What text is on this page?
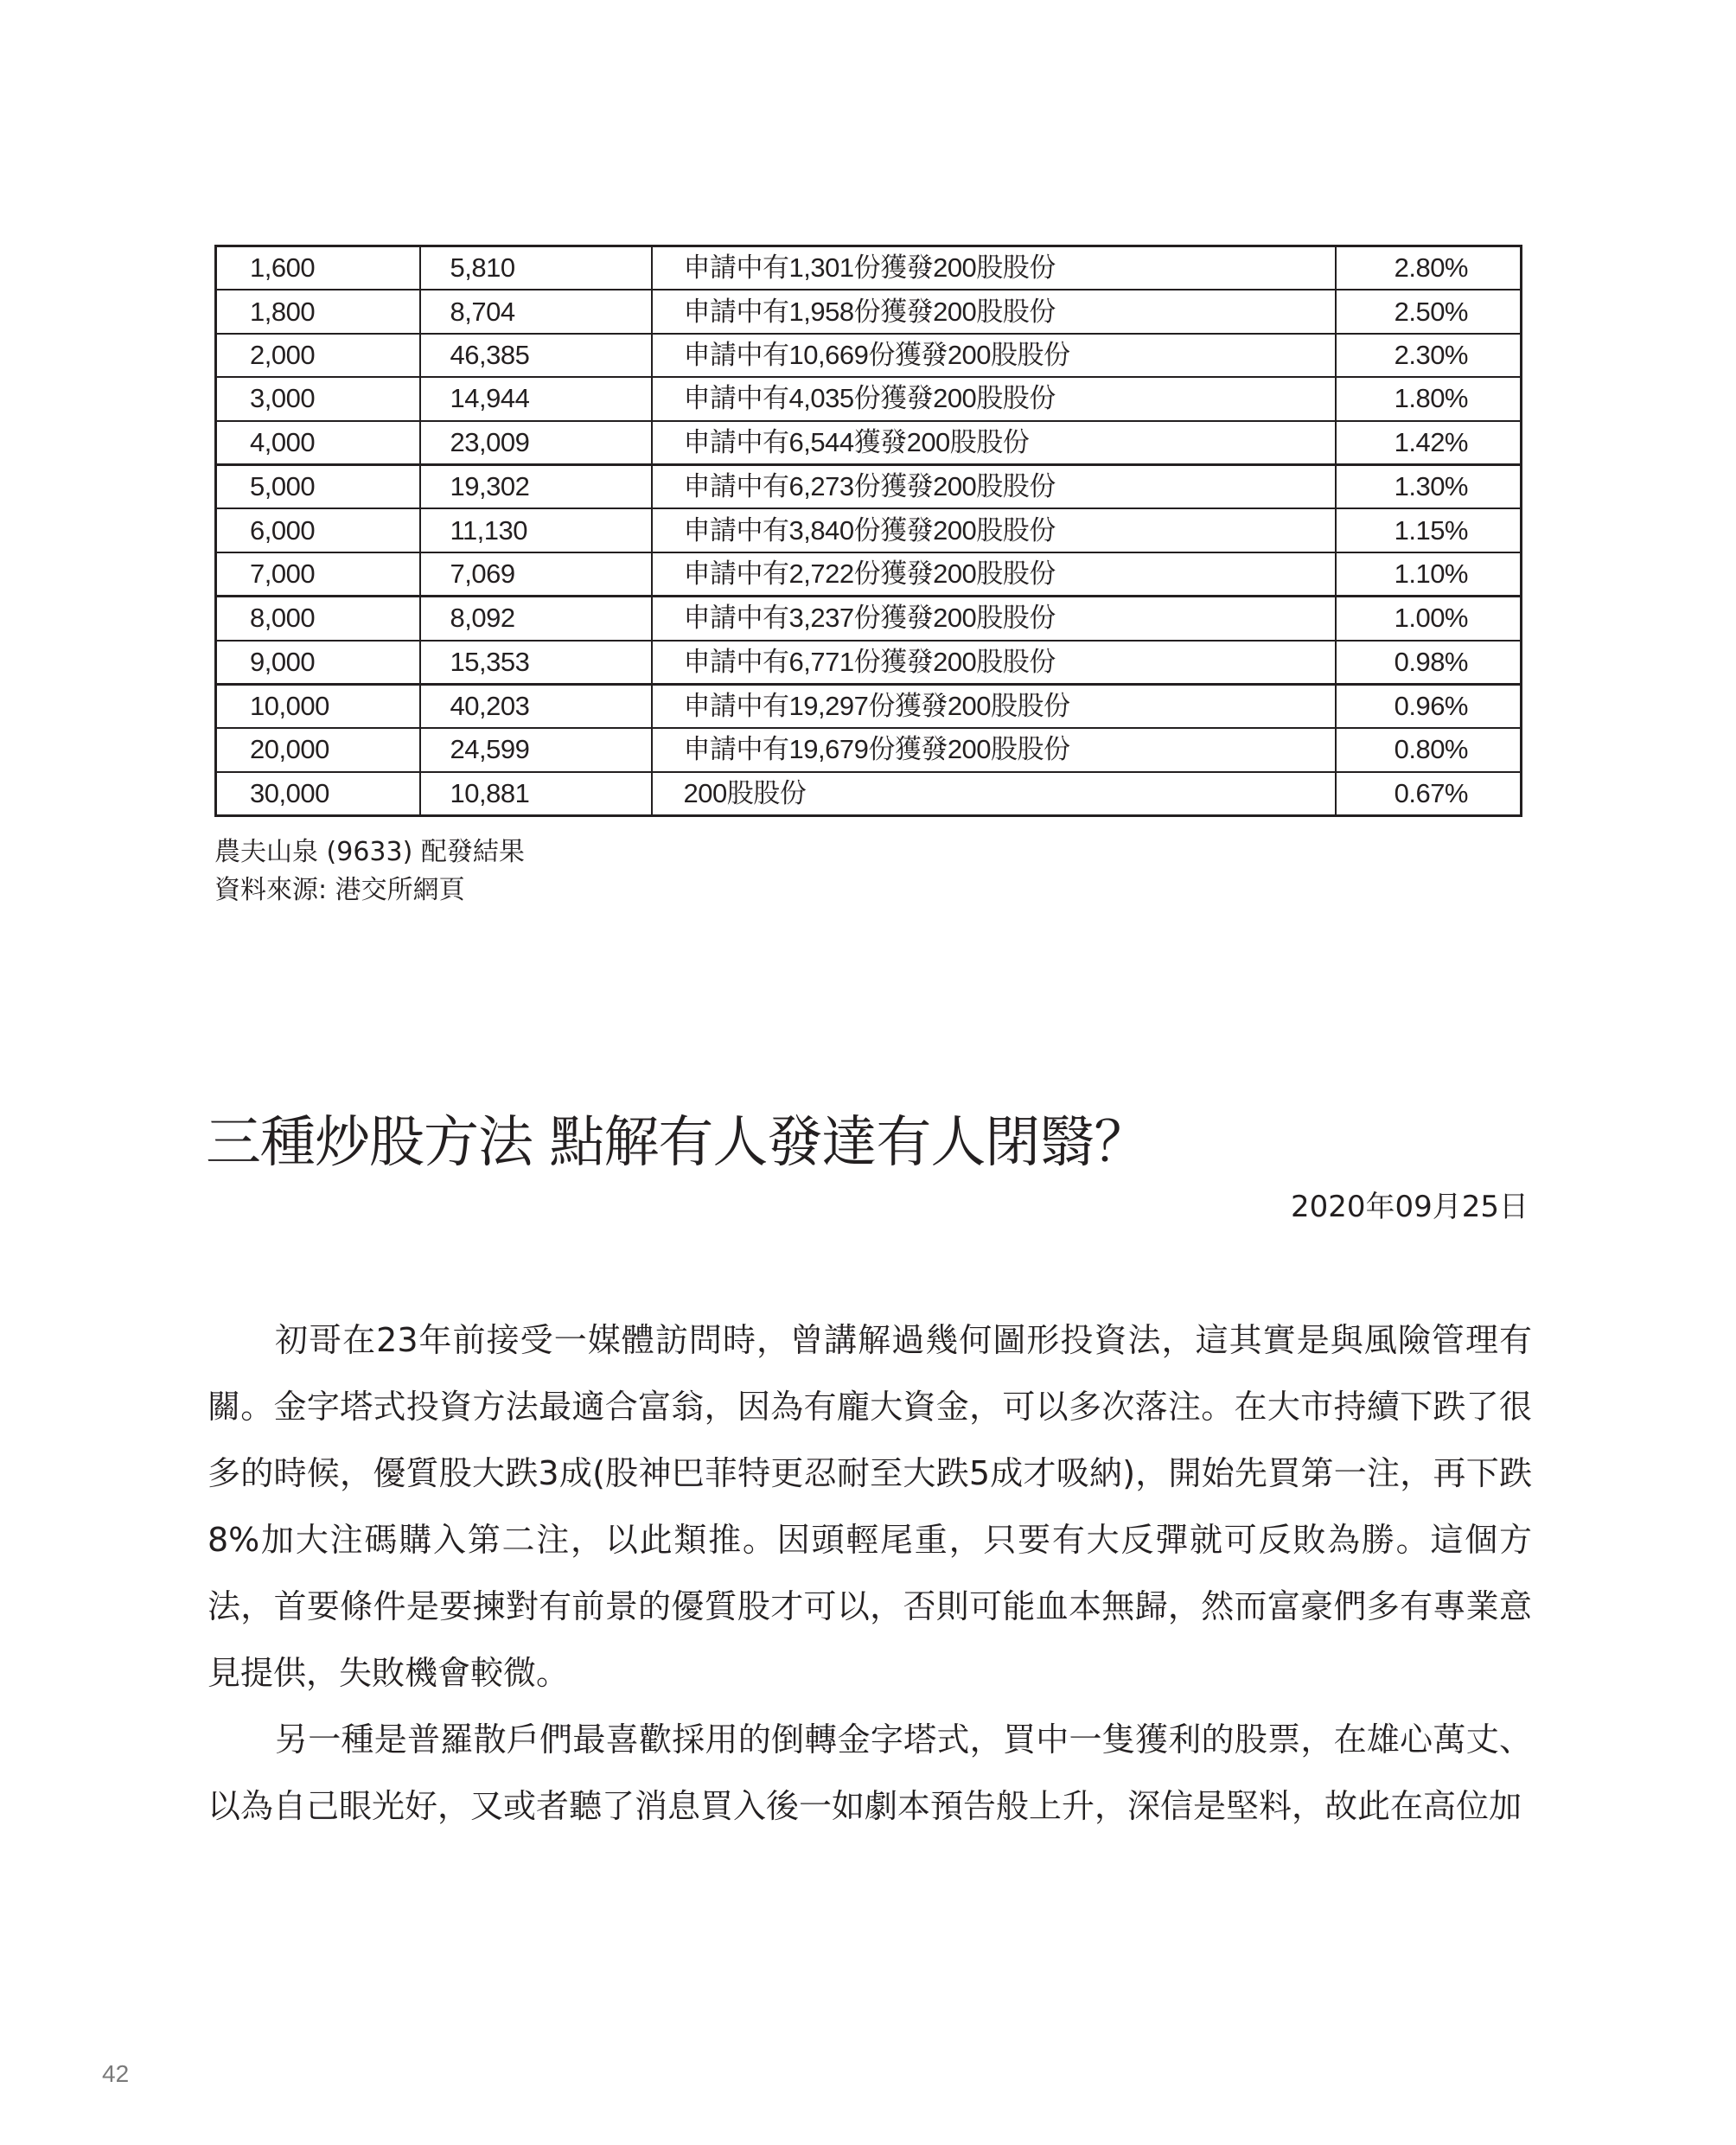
1,600	5,810	申請中有1,301份獲發200股股份	2.80%
1,800	8,704	申請中有1,958份獲發200股股份	2.50%
2,000	46,385	申請中有10,669份獲發200股股份	2.30%
3,000	14,944	申請中有4,035份獲發200股股份	1.80%
4,000	23,009	申請中有6,544獲發200股股份	1.42%
5,000	19,302	申請中有6,273份獲發200股股份	1.30%
6,000	11,130	申請中有3,840份獲發200股股份	1.15%
7,000	7,069	申請中有2,722份獲發200股股份	1.10%
8,000	8,092	申請中有3,237份獲發200股股份	1.00%
9,000	15,353	申請中有6,771份獲發200股股份	0.98%
10,000	40,203	申請中有19,297份獲發200股股份	0.96%
20,000	24,599	申請中有19,679份獲發200股股份	0.80%
30,000	10,881	200股股份	0.67%
農夫山泉 (9633) 配發結果
資料來源: 港交所網頁
三種炒股方法 點解有人發達有人閉翳？
2020年09月25日

初哥在23年前接受一媒體訪問時，曾講解過幾何圖形投資法，這其實是與風險管理有關。金字塔式投資方法最適合富翁，因為有龐大資金，可以多次落注。在大市持續下跌了很多的時候，優質股大跌3成(股神巴菲特更忍耐至大跌5成才吸納)，開始先買第一注，再下跌8%加大注碼購入第二注，以此類推。因頭輕尾重，只要有大反彈就可反敗為勝。這個方法，首要條件是要揀對有前景的優質股才可以，否則可能血本無歸，然而富豪們多有專業意見提供，失敗機會較微。

另一種是普羅散戶們最喜歡採用的倒轉金字塔式，買中一隻獲利的股票，在雄心萬丈、以為自己眼光好，又或者聽了消息買入後一如劇本預告般上升，深信是堅料，故此在高位加

42
